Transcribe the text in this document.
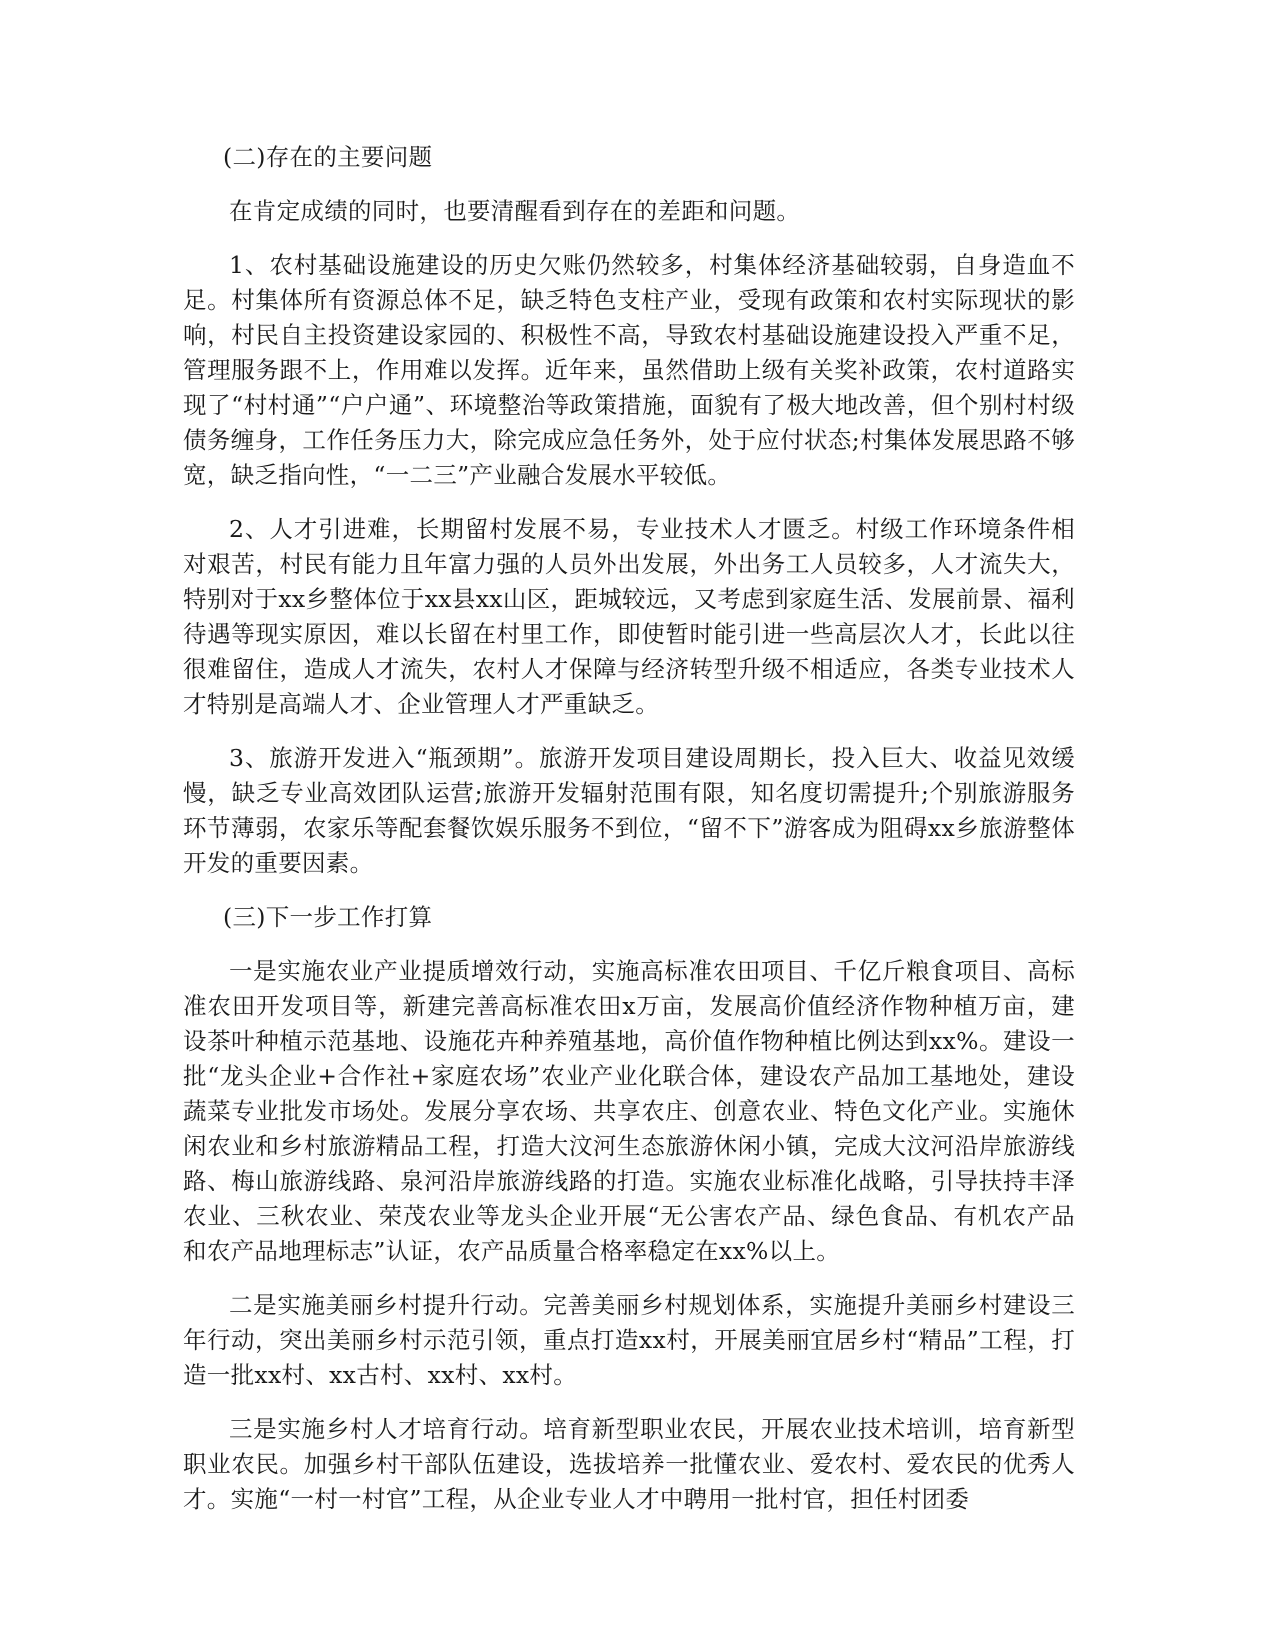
(二)存在的主要问题

在肯定成绩的同时，也要清醒看到存在的差距和问题。

1、农村基础设施建设的历史欠账仍然较多，村集体经济基础较弱，自身造血不足。村集体所有资源总体不足，缺乏特色支柱产业，受现有政策和农村实际现状的影响，村民自主投资建设家园的、积极性不高，导致农村基础设施建设投入严重不足，管理服务跟不上，作用难以发挥。近年来，虽然借助上级有关奖补政策，农村道路实现了“村村通”“户户通”、环境整治等政策措施，面貌有了极大地改善，但个别村村级债务缠身，工作任务压力大，除完成应急任务外，处于应付状态;村集体发展思路不够宽，缺乏指向性，“一二三”产业融合发展水平较低。

2、人才引进难，长期留村发展不易，专业技术人才匮乏。村级工作环境条件相对艰苦，村民有能力且年富力强的人员外出发展，外出务工人员较多，人才流失大，特别对于xx乡整体位于xx县xx山区，距城较远，又考虑到家庭生活、发展前景、福利待遇等现实原因，难以长留在村里工作，即使暂时能引进一些高层次人才，长此以往很难留住，造成人才流失，农村人才保障与经济转型升级不相适应，各类专业技术人才特别是高端人才、企业管理人才严重缺乏。

3、旅游开发进入“瓶颈期”。旅游开发项目建设周期长，投入巨大、收益见效缓慢，缺乏专业高效团队运营;旅游开发辐射范围有限，知名度切需提升;个别旅游服务环节薄弱，农家乐等配套餐饮娱乐服务不到位，“留不下”游客成为阻碍xx乡旅游整体开发的重要因素。

(三)下一步工作打算

一是实施农业产业提质增效行动，实施高标准农田项目、千亿斤粮食项目、高标准农田开发项目等，新建完善高标准农田x万亩，发展高价值经济作物种植万亩，建设茶叶种植示范基地、设施花卉种养殖基地，高价值作物种植比例达到xx%。建设一批“龙头企业+合作社+家庭农场”农业产业化联合体，建设农产品加工基地处，建设蔬菜专业批发市场处。发展分享农场、共享农庄、创意农业、特色文化产业。实施休闲农业和乡村旅游精品工程，打造大汶河生态旅游休闲小镇，完成大汶河沿岸旅游线路、梅山旅游线路、泉河沿岸旅游线路的打造。实施农业标准化战略，引导扶持丰泽农业、三秋农业、荣茂农业等龙头企业开展“无公害农产品、绿色食品、有机农产品和农产品地理标志”认证，农产品质量合格率稳定在xx%以上。

二是实施美丽乡村提升行动。完善美丽乡村规划体系，实施提升美丽乡村建设三年行动，突出美丽乡村示范引领，重点打造xx村，开展美丽宜居乡村“精品”工程，打造一批xx村、xx古村、xx村、xx村。

三是实施乡村人才培育行动。培育新型职业农民，开展农业技术培训，培育新型职业农民。加强乡村干部队伍建设，选拔培养一批懂农业、爱农村、爱农民的优秀人才。实施“一村一村官”工程，从企业专业人才中聘用一批村官，担任村团委
